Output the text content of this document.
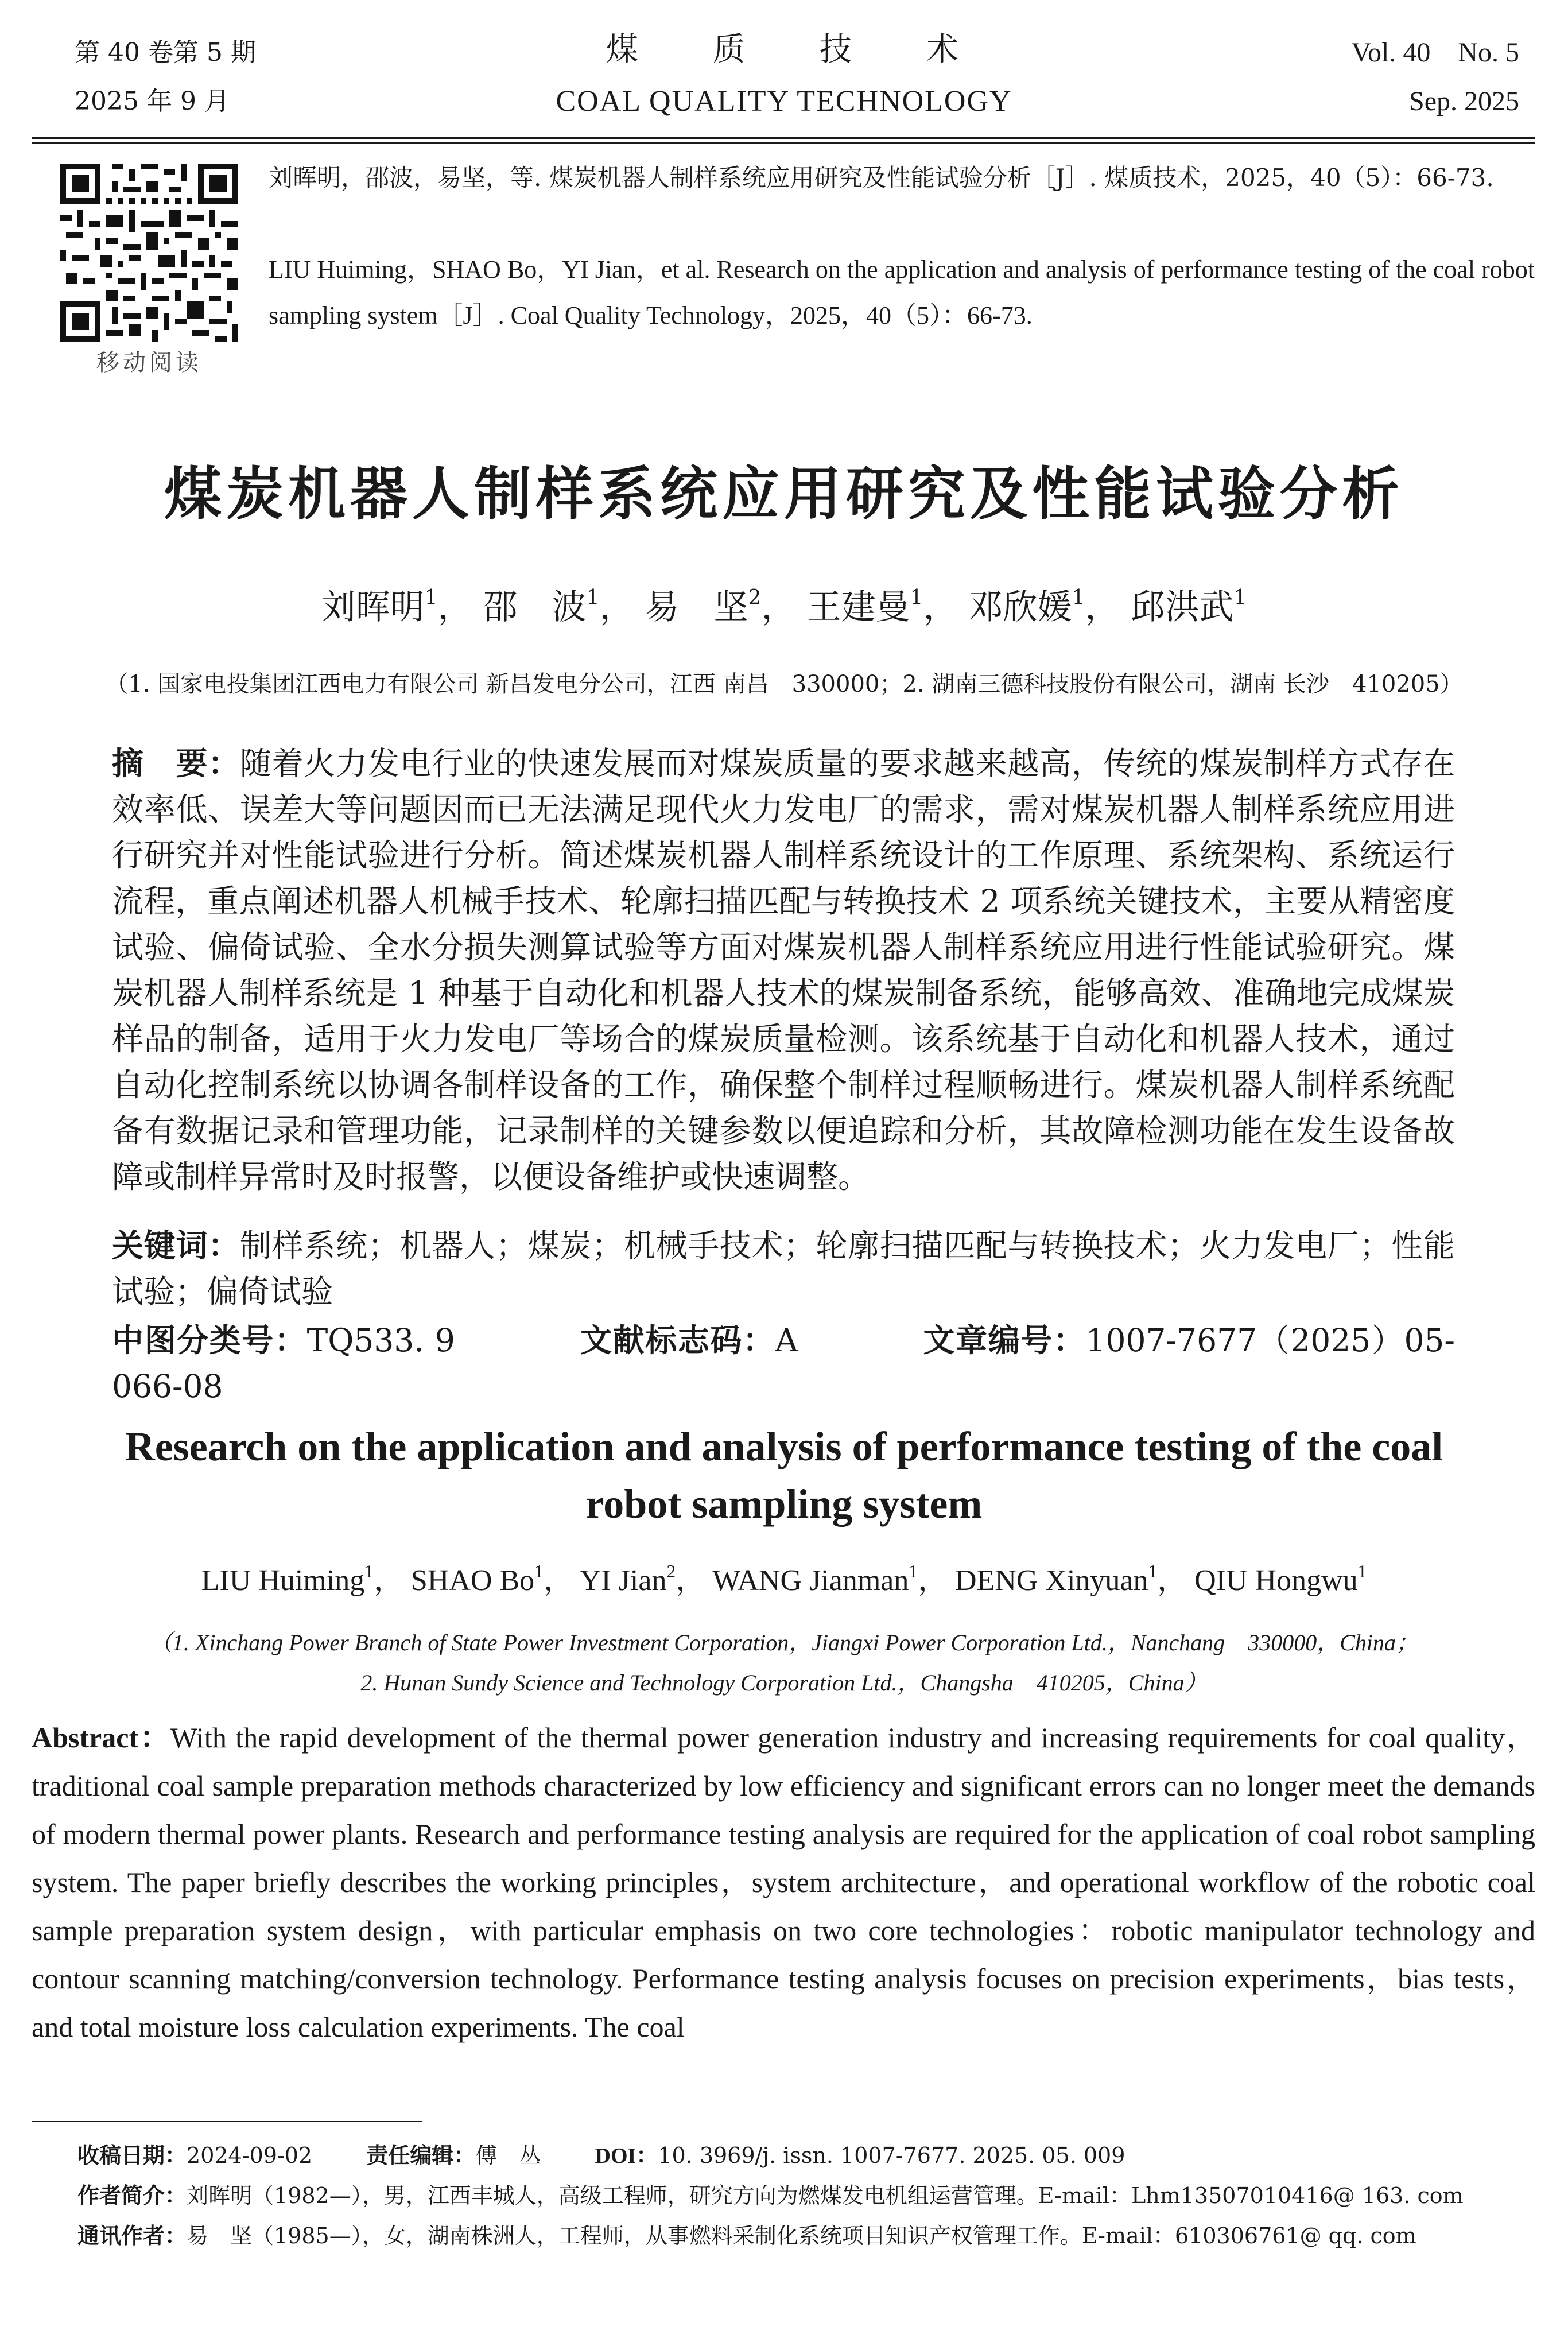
第 40 卷第 5 期
2025 年 9 月
煤　　质　　技　　术
COAL QUALITY TECHNOLOGY
Vol. 40　No. 5
Sep. 2025
移动阅读
刘晖明，邵波，易坚，等. 煤炭机器人制样系统应用研究及性能试验分析［J］. 煤质技术，2025，40（5）：66-73.
LIU Huiming，SHAO Bo，YI Jian，et al. Research on the application and analysis of performance testing of the coal robot sampling system［J］. Coal Quality Technology，2025，40（5）：66-73.
煤炭机器人制样系统应用研究及性能试验分析
刘晖明$^1$， 邵　波$^1$， 易　坚$^2$， 王建曼$^1$， 邓欣媛$^1$， 邱洪武$^1$
（1. 国家电投集团江西电力有限公司 新昌发电分公司，江西 南昌　330000；2. 湖南三德科技股份有限公司，湖南 长沙　410205）
摘　要：随着火力发电行业的快速发展而对煤炭质量的要求越来越高，传统的煤炭制样方式存在效率低、误差大等问题因而已无法满足现代火力发电厂的需求，需对煤炭机器人制样系统应用进行研究并对性能试验进行分析。简述煤炭机器人制样系统设计的工作原理、系统架构、系统运行流程，重点阐述机器人机械手技术、轮廓扫描匹配与转换技术 2 项系统关键技术，主要从精密度试验、偏倚试验、全水分损失测算试验等方面对煤炭机器人制样系统应用进行性能试验研究。煤炭机器人制样系统是 1 种基于自动化和机器人技术的煤炭制备系统，能够高效、准确地完成煤炭样品的制备，适用于火力发电厂等场合的煤炭质量检测。该系统基于自动化和机器人技术，通过自动化控制系统以协调各制样设备的工作，确保整个制样过程顺畅进行。煤炭机器人制样系统配备有数据记录和管理功能，记录制样的关键参数以便追踪和分析，其故障检测功能在发生设备故障或制样异常时及时报警，以便设备维护或快速调整。
关键词：制样系统；机器人；煤炭；机械手技术；轮廓扫描匹配与转换技术；火力发电厂；性能试验；偏倚试验
中图分类号：TQ533. 9	文献标志码：A	文章编号：1007-7677（2025）05-066-08
Research on the application and analysis of performance testing of the coal
robot sampling system
LIU Huiming$^1$， SHAO Bo$^1$， YI Jian$^2$， WANG Jianman$^1$， DENG Xinyuan$^1$， QIU Hongwu$^1$
（1. Xinchang Power Branch of State Power Investment Corporation，Jiangxi Power Corporation Ltd.，Nanchang　330000，China；
2. Hunan Sundy Science and Technology Corporation Ltd.，Changsha　410205，China）
Abstract：With the rapid development of the thermal power generation industry and increasing requirements for coal quality，traditional coal sample preparation methods characterized by low efficiency and significant errors can no longer meet the demands of modern thermal power plants. Research and performance testing analysis are required for the application of coal robot sampling system. The paper briefly describes the working principles，system architecture，and operational workflow of the robotic coal sample preparation system design，with particular emphasis on two core technologies：robotic manipulator technology and contour scanning matching/conversion technology. Performance testing analysis focuses on precision experiments，bias tests，and total moisture loss calculation experiments. The coal
收稿日期：2024-09-02 责任编辑：傅　丛 DOI：10. 3969/j. issn. 1007-7677. 2025. 05. 009
作者简介：刘晖明（1982—），男，江西丰城人，高级工程师，研究方向为燃煤发电机组运营管理。E-mail：Lhm13507010416@ 163. com
通讯作者：易　坚（1985—），女，湖南株洲人，工程师，从事燃料采制化系统项目知识产权管理工作。E-mail：610306761@ qq. com
